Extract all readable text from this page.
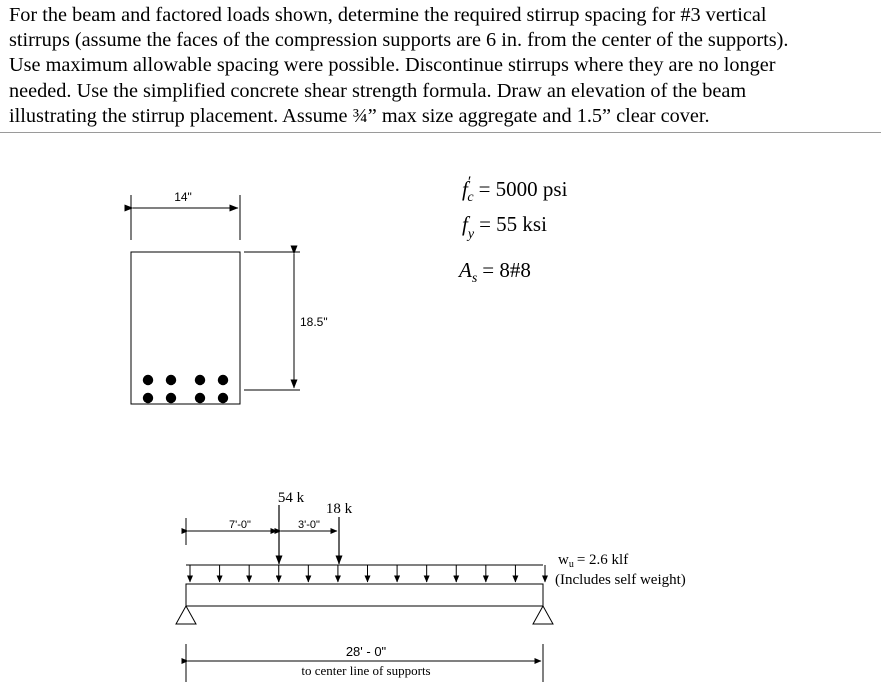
For the beam and factored loads shown, determine the required stirrup spacing for #3 vertical
stirrups (assume the faces of the compression supports are 6 in. from the center of the supports).
Use maximum allowable spacing were possible. Discontinue stirrups where they are no longer
needed. Use the simplified concrete shear strength formula. Draw an elevation of the beam
illustrating the stirrup placement. Assume ¾” max size aggregate and 1.5” clear cover.
14"
18.5"
f′ c = 5000 psi
$f_y = 55$ ksi
$A_s$ = 8#8
7'-0"	3'-0"
54 k
18 k
$w_u = 2.6$ klf
(Includes self weight)
28' - 0"
to center line of supports
